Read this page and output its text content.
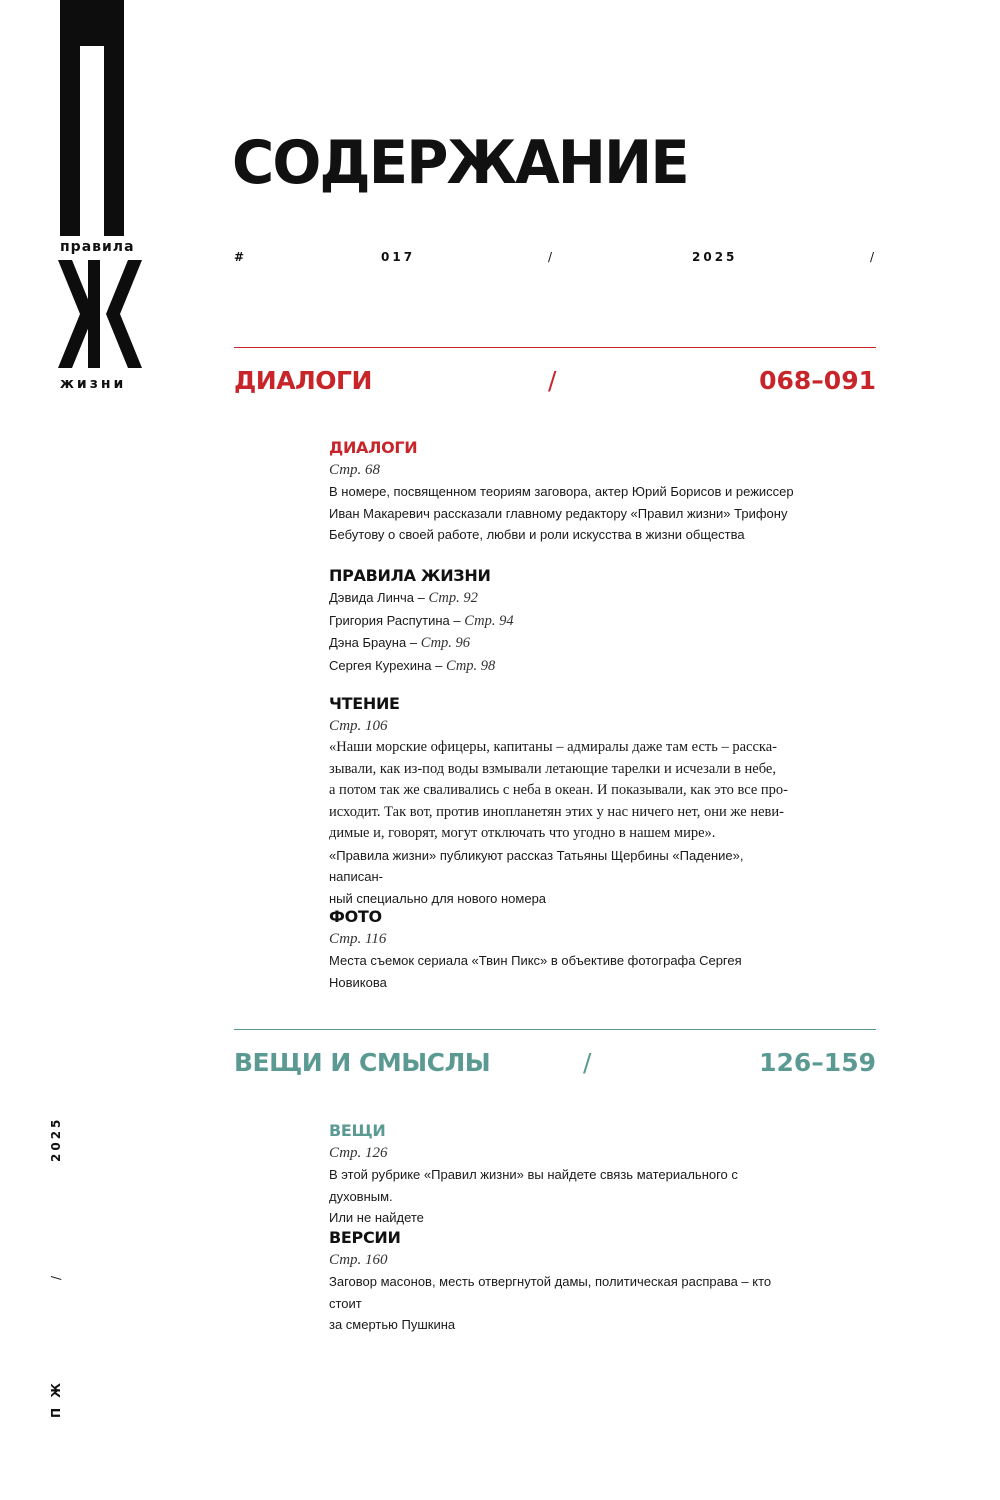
правила
жизни
СОДЕРЖАНИЕ
#	017	/	2025	/
ДИАЛОГИ	/	068–091
ДИАЛОГИ
Стр. 68
В номере, посвященном теориям заговора, актер Юрий Борисов и режиссер
Иван Макаревич рассказали главному редактору «Правил жизни» Трифону
Бебутову о своей работе, любви и роли искусства в жизни общества
ПРАВИЛА ЖИЗНИ
Дэвида Линча – Стр. 92
Григория Распутина – Стр. 94
Дэна Брауна – Стр. 96
Сергея Курехина – Стр. 98
ЧТЕНИЕ
Стр. 106
«Наши морские офицеры, капитаны – адмиралы даже там есть – расска-
зывали, как из-под воды взмывали летающие тарелки и исчезали в небе,
а потом так же сваливались с неба в океан. И показывали, как это все про-
исходит. Так вот, против инопланетян этих у нас ничего нет, они же неви-
димые и, говорят, могут отключать что угодно в нашем мире».
«Правила жизни» публикуют рассказ Татьяны Щербины «Падение», написан-
ный специально для нового номера
ФОТО
Стр. 116
Места съемок сериала «Твин Пикс» в объективе фотографа Сергея Новикова
ВЕЩИ И СМЫСЛЫ	/	126–159
ВЕЩИ
Стр. 126
В этой рубрике «Правил жизни» вы найдете связь материального с духовным.
Или не найдете
ВЕРСИИ
Стр. 160
Заговор масонов, месть отвергнутой дамы, политическая расправа – кто стоит
за смертью Пушкина
2025
/
П Ж
